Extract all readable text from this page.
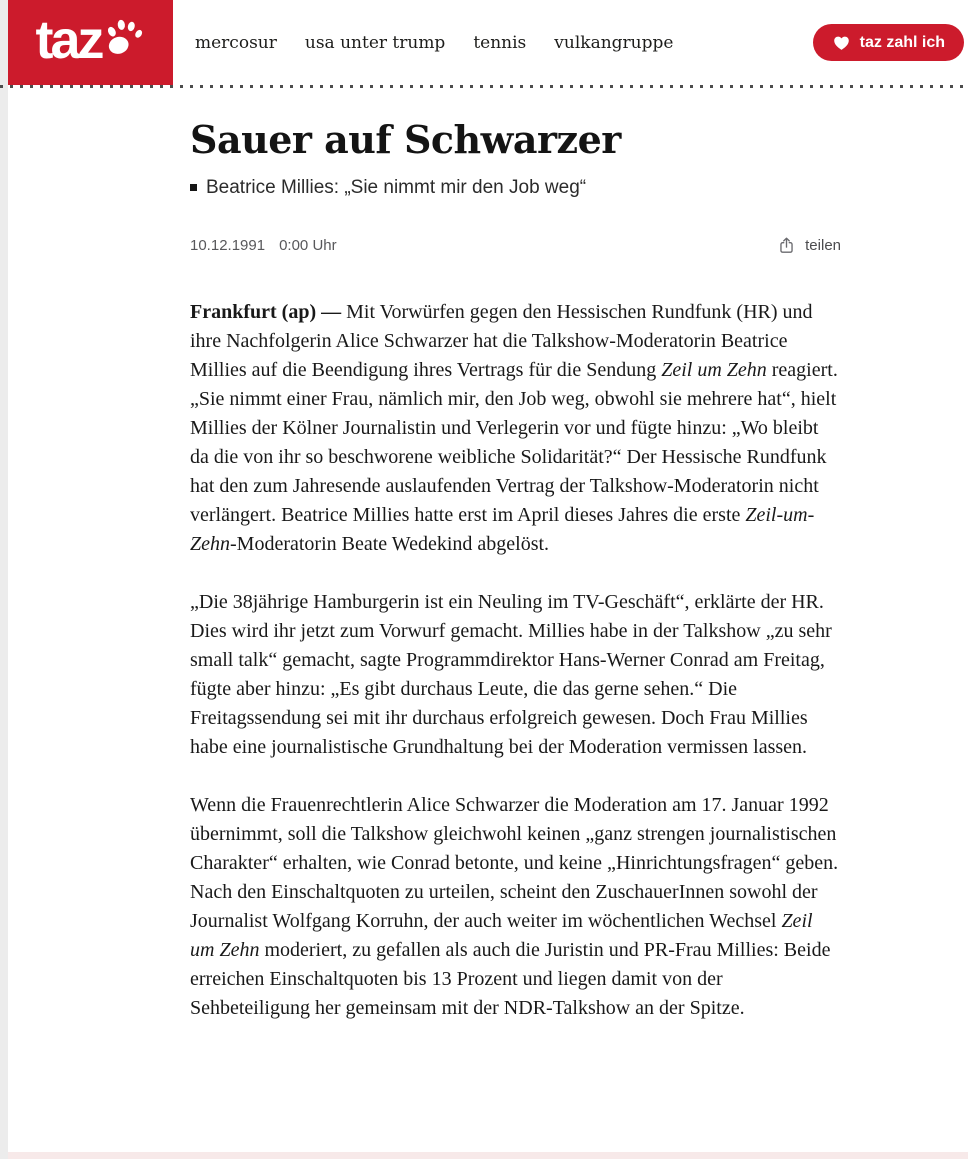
taz	mercosur usa unter trump tennis vulkangruppe	taz zahl ich
Sauer auf Schwarzer
Beatrice Millies: „Sie nimmt mir den Job weg“
10.12.1991 0:00 Uhr	teilen

Frankfurt (ap) — Mit Vorwürfen gegen den Hessischen Rundfunk (HR) und ihre Nachfolgerin Alice Schwarzer hat die Talkshow-Moderatorin Beatrice Millies auf die Beendigung ihres Vertrags für die Sendung Zeil um Zehn reagiert. „Sie nimmt einer Frau, nämlich mir, den Job weg, obwohl sie mehrere hat“, hielt Millies der Kölner Journalistin und Verlegerin vor und fügte hinzu: „Wo bleibt da die von ihr so beschworene weibliche Solidarität?“ Der Hessische Rundfunk hat den zum Jahresende auslaufenden Vertrag der Talkshow-Moderatorin nicht verlängert. Beatrice Millies hatte erst im April dieses Jahres die erste Zeil-um-Zehn-Moderatorin Beate Wedekind abgelöst.

„Die 38jährige Hamburgerin ist ein Neuling im TV-Geschäft“, erklärte der HR. Dies wird ihr jetzt zum Vorwurf gemacht. Millies habe in der Talkshow „zu sehr small talk“ gemacht, sagte Programmdirektor Hans-Werner Conrad am Freitag, fügte aber hinzu: „Es gibt durchaus Leute, die das gerne sehen.“ Die Freitagssendung sei mit ihr durchaus erfolgreich gewesen. Doch Frau Millies habe eine journalistische Grundhaltung bei der Moderation vermissen lassen.

Wenn die Frauenrechtlerin Alice Schwarzer die Moderation am 17. Januar 1992 übernimmt, soll die Talkshow gleichwohl keinen „ganz strengen journalistischen Charakter“ erhalten, wie Conrad betonte, und keine „Hinrichtungsfragen“ geben. Nach den Einschaltquoten zu urteilen, scheint den ZuschauerInnen sowohl der Journalist Wolfgang Korruhn, der auch weiter im wöchentlichen Wechsel Zeil um Zehn moderiert, zu gefallen als auch die Juristin und PR-Frau Millies: Beide erreichen Einschaltquoten bis 13 Prozent und liegen damit von der Sehbeteiligung her gemeinsam mit der NDR-Talkshow an der Spitze.
